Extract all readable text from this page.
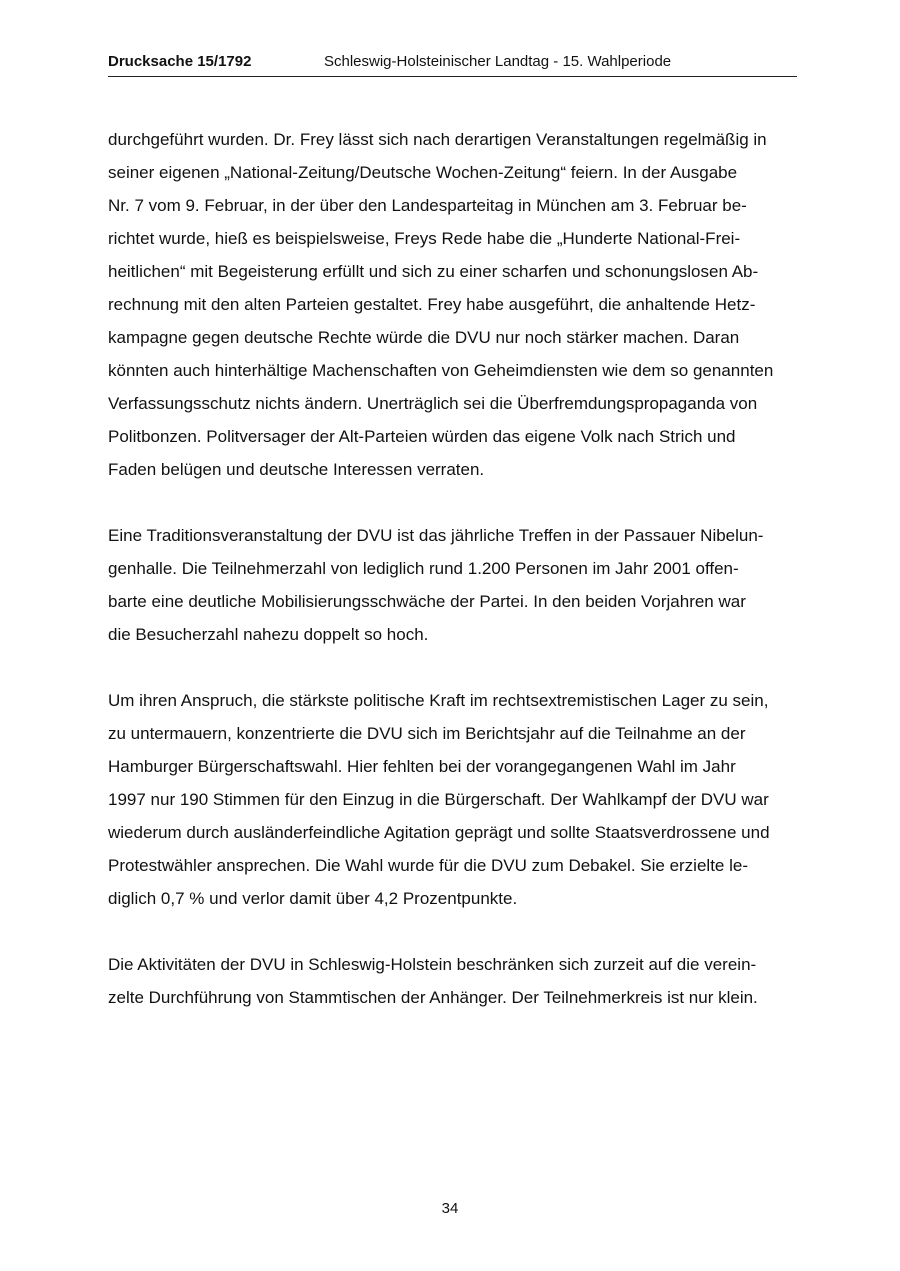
Drucksache 15/1792	Schleswig-Holsteinischer Landtag - 15. Wahlperiode

durchgeführt wurden. Dr. Frey lässt sich nach derartigen Veranstaltungen regelmäßig in
seiner eigenen „National-Zeitung/Deutsche Wochen-Zeitung“ feiern. In der Ausgabe
Nr. 7 vom 9. Februar, in der über den Landesparteitag in München am 3. Februar be-
richtet wurde, hieß es beispielsweise, Freys Rede habe die „Hunderte National-Frei-
heitlichen“ mit Begeisterung erfüllt und sich zu einer scharfen und schonungslosen Ab-
rechnung mit den alten Parteien gestaltet. Frey habe ausgeführt, die anhaltende Hetz-
kampagne gegen deutsche Rechte würde die DVU nur noch stärker machen. Daran
könnten auch hinterhältige Machenschaften von Geheimdiensten wie dem so genannten
Verfassungsschutz nichts ändern. Unerträglich sei die Überfremdungspropaganda von
Politbonzen. Politversager der Alt-Parteien würden das eigene Volk nach Strich und
Faden belügen und deutsche Interessen verraten.

Eine Traditionsveranstaltung der DVU ist das jährliche Treffen in der Passauer Nibelun-
genhalle. Die Teilnehmerzahl von lediglich rund 1.200 Personen im Jahr 2001 offen-
barte eine deutliche Mobilisierungsschwäche der Partei. In den beiden Vorjahren war
die Besucherzahl nahezu doppelt so hoch.

Um ihren Anspruch, die stärkste politische Kraft im rechtsextremistischen Lager zu sein,
zu untermauern, konzentrierte die DVU sich im Berichtsjahr auf die Teilnahme an der
Hamburger Bürgerschaftswahl. Hier fehlten bei der vorangegangenen Wahl im Jahr
1997 nur 190 Stimmen für den Einzug in die Bürgerschaft. Der Wahlkampf der DVU war
wiederum durch ausländerfeindliche Agitation geprägt und sollte Staatsverdrossene und
Protestwähler ansprechen. Die Wahl wurde für die DVU zum Debakel. Sie erzielte le-
diglich 0,7 % und verlor damit über 4,2 Prozentpunkte.

Die Aktivitäten der DVU in Schleswig-Holstein beschränken sich zurzeit auf die verein-
zelte Durchführung von Stammtischen der Anhänger. Der Teilnehmerkreis ist nur klein.

34
